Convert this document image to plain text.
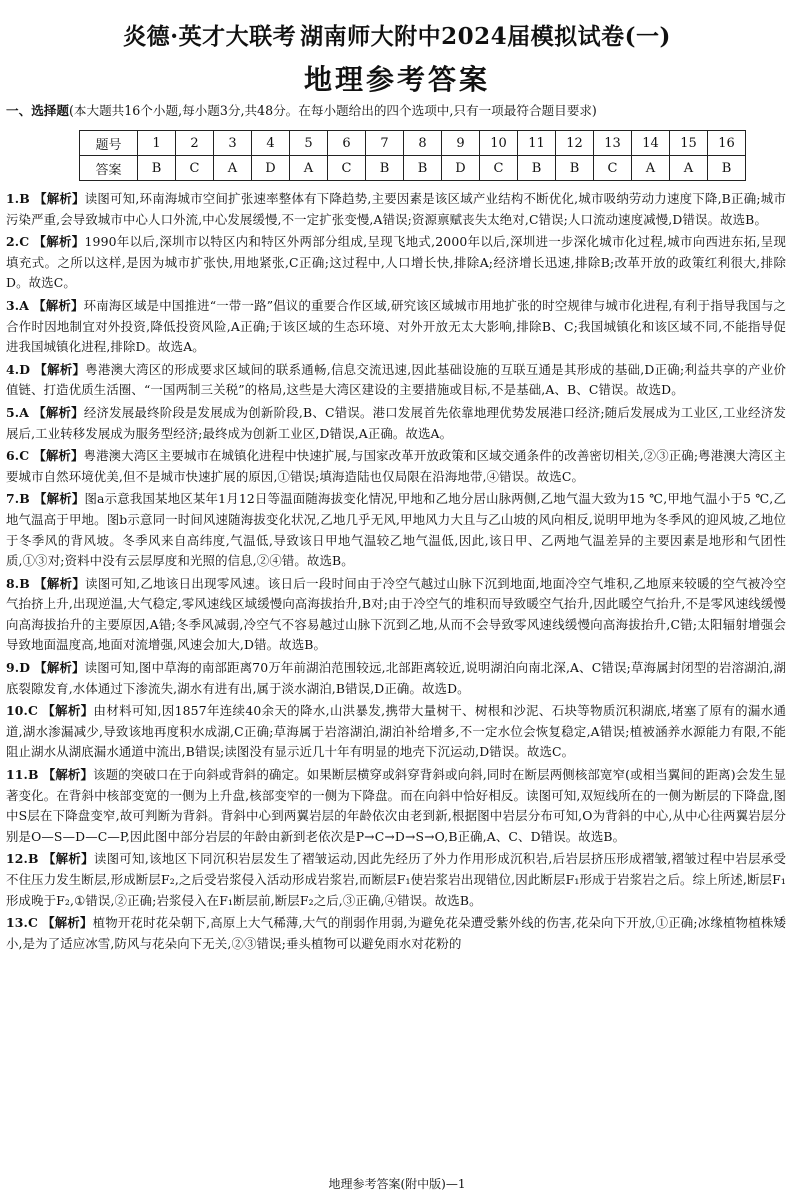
炎德·英才大联考 湖南师大附中2024届模拟试卷(一)
地理参考答案
一、选择题(本大题共16个小题,每小题3分,共48分。在每小题给出的四个选项中,只有一项最符合题目要求)
题号	1	2	3	4	5	6	7	8	9	10	11	12	13	14	15	16
答案	B	C	A	D	A	C	B	B	D	C	B	B	C	A	A	B
1.B 【解析】读图可知,环南海城市空间扩张速率整体有下降趋势,主要因素是该区域产业结构不断优化,城市吸纳劳动力速度下降,B正确;城市污染严重,会导致城市中心人口外流,中心发展缓慢,不一定扩张变慢,A错误;资源禀赋丧失太绝对,C错误;人口流动速度减慢,D错误。故选B。
2.C 【解析】1990年以后,深圳市以特区内和特区外两部分组成,呈现飞地式,2000年以后,深圳进一步深化城市化过程,城市向西进东拓,呈现填充式。之所以这样,是因为城市扩张快,用地紧张,C正确;这过程中,人口增长快,排除A;经济增长迅速,排除B;改革开放的政策红利很大,排除D。故选C。
3.A 【解析】环南海区域是中国推进“一带一路”倡议的重要合作区域,研究该区域城市用地扩张的时空规律与城市化进程,有利于指导我国与之合作时因地制宜对外投资,降低投资风险,A正确;于该区域的生态环境、对外开放无太大影响,排除B、C;我国城镇化和该区域不同,不能指导促进我国城镇化进程,排除D。故选A。
4.D 【解析】粤港澳大湾区的形成要求区域间的联系通畅,信息交流迅速,因此基础设施的互联互通是其形成的基础,D正确;利益共享的产业价值链、打造优质生活圈、“一国两制三关税”的格局,这些是大湾区建设的主要措施或目标,不是基础,A、B、C错误。故选D。
5.A 【解析】经济发展最终阶段是发展成为创新阶段,B、C错误。港口发展首先依靠地理优势发展港口经济;随后发展成为工业区,工业经济发展后,工业转移发展成为服务型经济;最终成为创新工业区,D错误,A正确。故选A。
6.C 【解析】粤港澳大湾区主要城市在城镇化进程中快速扩展,与国家改革开放政策和区域交通条件的改善密切相关,②③正确;粤港澳大湾区主要城市自然环境优美,但不是城市快速扩展的原因,①错误;填海造陆也仅局限在沿海地带,④错误。故选C。
7.B 【解析】图a示意我国某地区某年1月12日等温面随海拔变化情况,甲地和乙地分居山脉两侧,乙地气温大致为15 ℃,甲地气温小于5 ℃,乙地气温高于甲地。图b示意同一时间风速随海拔变化状况,乙地几乎无风,甲地风力大且与乙山坡的风向相反,说明甲地为冬季风的迎风坡,乙地位于冬季风的背风坡。冬季风来自高纬度,气温低,导致该日甲地气温较乙地气温低,因此,该日甲、乙两地气温差异的主要因素是地形和气团性质,①③对;资料中没有云层厚度和光照的信息,②④错。故选B。
8.B 【解析】读图可知,乙地该日出现零风速。该日后一段时间由于冷空气越过山脉下沉到地面,地面冷空气堆积,乙地原来较暖的空气被冷空气抬挤上升,出现逆温,大气稳定,零风速线区域缓慢向高海拔抬升,B对;由于冷空气的堆积而导致暖空气抬升,因此暖空气抬升,不是零风速线缓慢向高海拔抬升的主要原因,A错;冬季风减弱,冷空气不容易越过山脉下沉到乙地,从而不会导致零风速线缓慢向高海拔抬升,C错;太阳辐射增强会导致地面温度高,地面对流增强,风速会加大,D错。故选B。
9.D 【解析】读图可知,图中草海的南部距离70万年前湖泊范围较远,北部距离较近,说明湖泊向南北深,A、C错误;草海属封闭型的岩溶湖泊,湖底裂隙发育,水体通过下渗流失,湖水有进有出,属于淡水湖泊,B错误,D正确。故选D。
10.C 【解析】由材料可知,因1857年连续40余天的降水,山洪暴发,携带大量树干、树根和沙泥、石块等物质沉积湖底,堵塞了原有的漏水通道,湖水渗漏减少,导致该地再度积水成湖,C正确;草海属于岩溶湖泊,湖泊补给增多,不一定水位会恢复稳定,A错误;植被涵养水源能力有限,不能阻止湖水从湖底漏水通道中流出,B错误;读图没有显示近几十年有明显的地壳下沉运动,D错误。故选C。
11.B 【解析】该题的突破口在于向斜或背斜的确定。如果断层横穿或斜穿背斜或向斜,同时在断层两侧核部宽窄(或相当翼间的距离)会发生显著变化。在背斜中核部变宽的一侧为上升盘,核部变窄的一侧为下降盘。而在向斜中恰好相反。读图可知,双短线所在的一侧为断层的下降盘,图中S层在下降盘变窄,故可判断为背斜。背斜中心到两翼岩层的年龄依次由老到新,根据图中岩层分布可知,O为背斜的中心,从中心往两翼岩层分别是O—S—D—C—P,因此图中部分岩层的年龄由新到老依次是P→C→D→S→O,B正确,A、C、D错误。故选B。
12.B 【解析】读图可知,该地区下同沉积岩层发生了褶皱运动,因此先经历了外力作用形成沉积岩,后岩层挤压形成褶皱,褶皱过程中岩层承受不住压力发生断层,形成断层F₂,之后受岩浆侵入活动形成岩浆岩,而断层F₁使岩浆岩出现错位,因此断层F₁形成于岩浆岩之后。综上所述,断层F₁形成晚于F₂,①错误,②正确;岩浆侵入在F₁断层前,断层F₂之后,③正确,④错误。故选B。
13.C 【解析】植物开花时花朵朝下,高原上大气稀薄,大气的削弱作用弱,为避免花朵遭受紫外线的伤害,花朵向下开放,①正确;冰缘植物植株矮小,是为了适应冰雪,防风与花朵向下无关,②③错误;垂头植物可以避免雨水对花粉的
地理参考答案(附中版)—1
